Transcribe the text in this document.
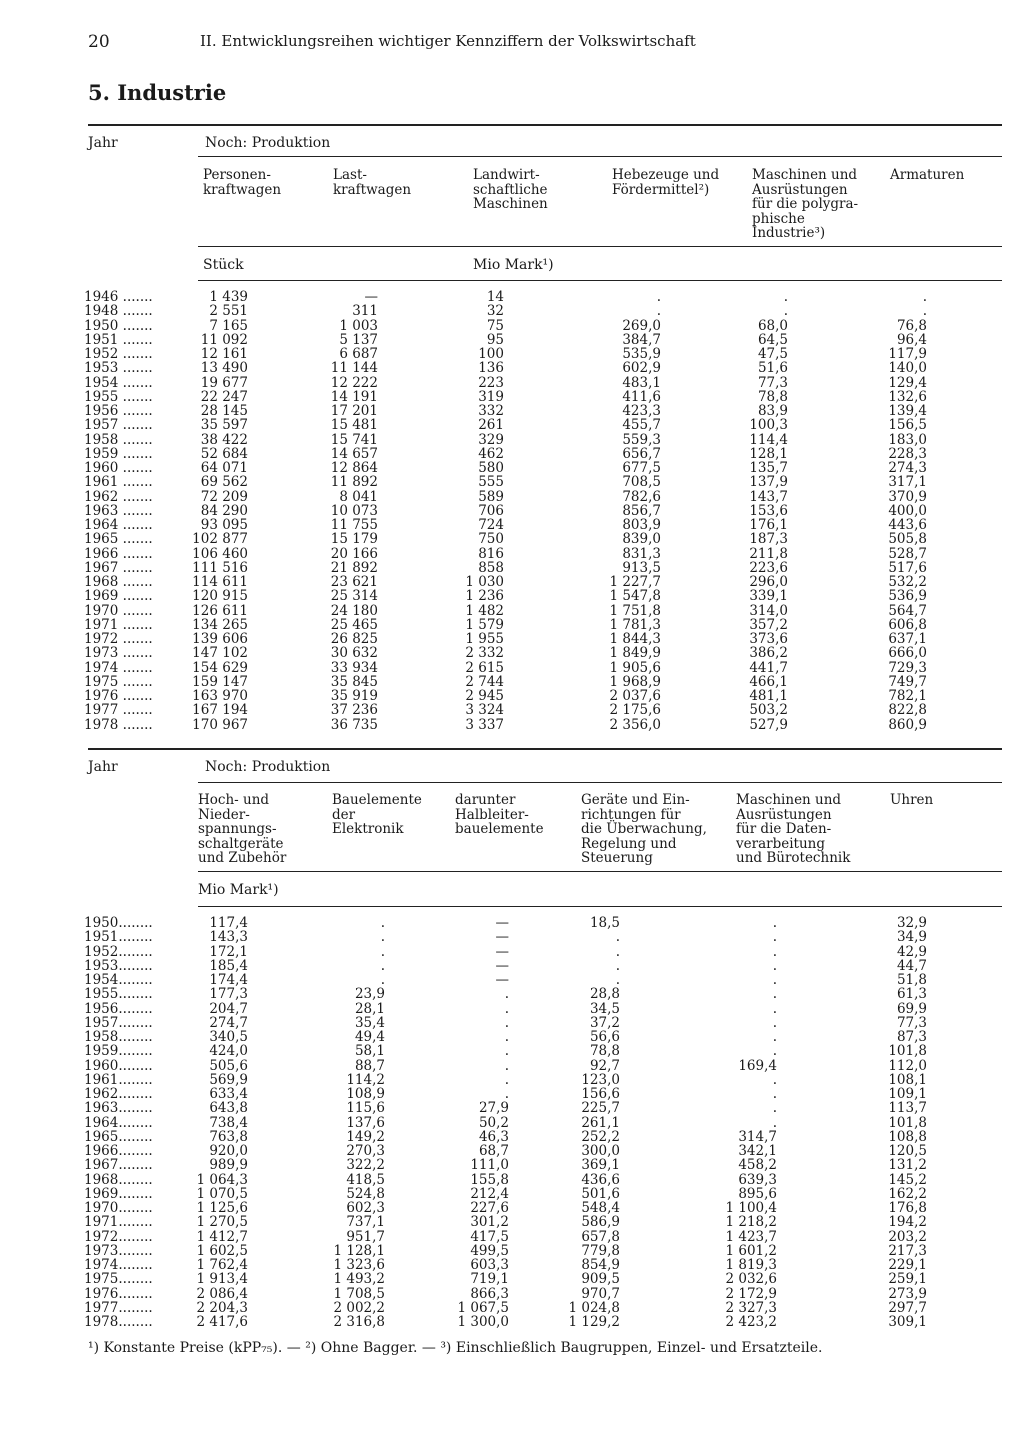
20	II. Entwicklungsreihen wichtiger Kennziffern der Volkswirtschaft
5. Industrie
Jahr	Noch: Produktion
Personen-
kraftwagen
Last-
kraftwagen
Landwirt-
schaftliche
Maschinen
Hebezeuge und
Fördermittel²)
Maschinen und
Ausrüstungen
für die polygra-
phische
Industrie³)
Armaturen
Stück	Mio Mark¹)
1946 .......	1 439	—	14	.	.	.
1948 .......	2 551	311	32	.	.	.
1950 .......	7 165	1 003	75	269,0	68,0	76,8
1951 .......	11 092	5 137	95	384,7	64,5	96,4
1952 .......	12 161	6 687	100	535,9	47,5	117,9
1953 .......	13 490	11 144	136	602,9	51,6	140,0
1954 .......	19 677	12 222	223	483,1	77,3	129,4
1955 .......	22 247	14 191	319	411,6	78,8	132,6
1956 .......	28 145	17 201	332	423,3	83,9	139,4
1957 .......	35 597	15 481	261	455,7	100,3	156,5
1958 .......	38 422	15 741	329	559,3	114,4	183,0
1959 .......	52 684	14 657	462	656,7	128,1	228,3
1960 .......	64 071	12 864	580	677,5	135,7	274,3
1961 .......	69 562	11 892	555	708,5	137,9	317,1
1962 .......	72 209	8 041	589	782,6	143,7	370,9
1963 .......	84 290	10 073	706	856,7	153,6	400,0
1964 .......	93 095	11 755	724	803,9	176,1	443,6
1965 .......	102 877	15 179	750	839,0	187,3	505,8
1966 .......	106 460	20 166	816	831,3	211,8	528,7
1967 .......	111 516	21 892	858	913,5	223,6	517,6
1968 .......	114 611	23 621	1 030	1 227,7	296,0	532,2
1969 .......	120 915	25 314	1 236	1 547,8	339,1	536,9
1970 .......	126 611	24 180	1 482	1 751,8	314,0	564,7
1971 .......	134 265	25 465	1 579	1 781,3	357,2	606,8
1972 .......	139 606	26 825	1 955	1 844,3	373,6	637,1
1973 .......	147 102	30 632	2 332	1 849,9	386,2	666,0
1974 .......	154 629	33 934	2 615	1 905,6	441,7	729,3
1975 .......	159 147	35 845	2 744	1 968,9	466,1	749,7
1976 .......	163 970	35 919	2 945	2 037,6	481,1	782,1
1977 .......	167 194	37 236	3 324	2 175,6	503,2	822,8
1978 .......	170 967	36 735	3 337	2 356,0	527,9	860,9
Jahr	Noch: Produktion
Hoch- und
Nieder-
spannungs-
schaltgeräte
und Zubehör
Bauelemente
der
Elektronik
darunter
Halbleiter-
bauelemente
Geräte und Ein-
richtungen für
die Überwachung,
Regelung und
Steuerung
Maschinen und
Ausrüstungen
für die Daten-
verarbeitung
und Bürotechnik
Uhren
Mio Mark¹)
1950........	117,4	.	—	18,5	.	32,9
1951........	143,3	.	—	.	.	34,9
1952........	172,1	.	—	.	.	42,9
1953........	185,4	.	—	.	.	44,7
1954........	174,4	.	—	.	.	51,8
1955........	177,3	23,9	.	28,8	.	61,3
1956........	204,7	28,1	.	34,5	.	69,9
1957........	274,7	35,4	.	37,2	.	77,3
1958........	340,5	49,4	.	56,6	.	87,3
1959........	424,0	58,1	.	78,8	.	101,8
1960........	505,6	88,7	.	92,7	169,4	112,0
1961........	569,9	114,2	.	123,0	.	108,1
1962........	633,4	108,9	.	156,6	.	109,1
1963........	643,8	115,6	27,9	225,7	.	113,7
1964........	738,4	137,6	50,2	261,1	.	101,8
1965........	763,8	149,2	46,3	252,2	314,7	108,8
1966........	920,0	270,3	68,7	300,0	342,1	120,5
1967........	989,9	322,2	111,0	369,1	458,2	131,2
1968........	1 064,3	418,5	155,8	436,6	639,3	145,2
1969........	1 070,5	524,8	212,4	501,6	895,6	162,2
1970........	1 125,6	602,3	227,6	548,4	1 100,4	176,8
1971........	1 270,5	737,1	301,2	586,9	1 218,2	194,2
1972........	1 412,7	951,7	417,5	657,8	1 423,7	203,2
1973........	1 602,5	1 128,1	499,5	779,8	1 601,2	217,3
1974........	1 762,4	1 323,6	603,3	854,9	1 819,3	229,1
1975........	1 913,4	1 493,2	719,1	909,5	2 032,6	259,1
1976........	2 086,4	1 708,5	866,3	970,7	2 172,9	273,9
1977........	2 204,3	2 002,2	1 067,5	1 024,8	2 327,3	297,7
1978........	2 417,6	2 316,8	1 300,0	1 129,2	2 423,2	309,1
¹) Konstante Preise (kPP₇₅). — ²) Ohne Bagger. — ³) Einschließlich Baugruppen, Einzel- und Ersatzteile.
